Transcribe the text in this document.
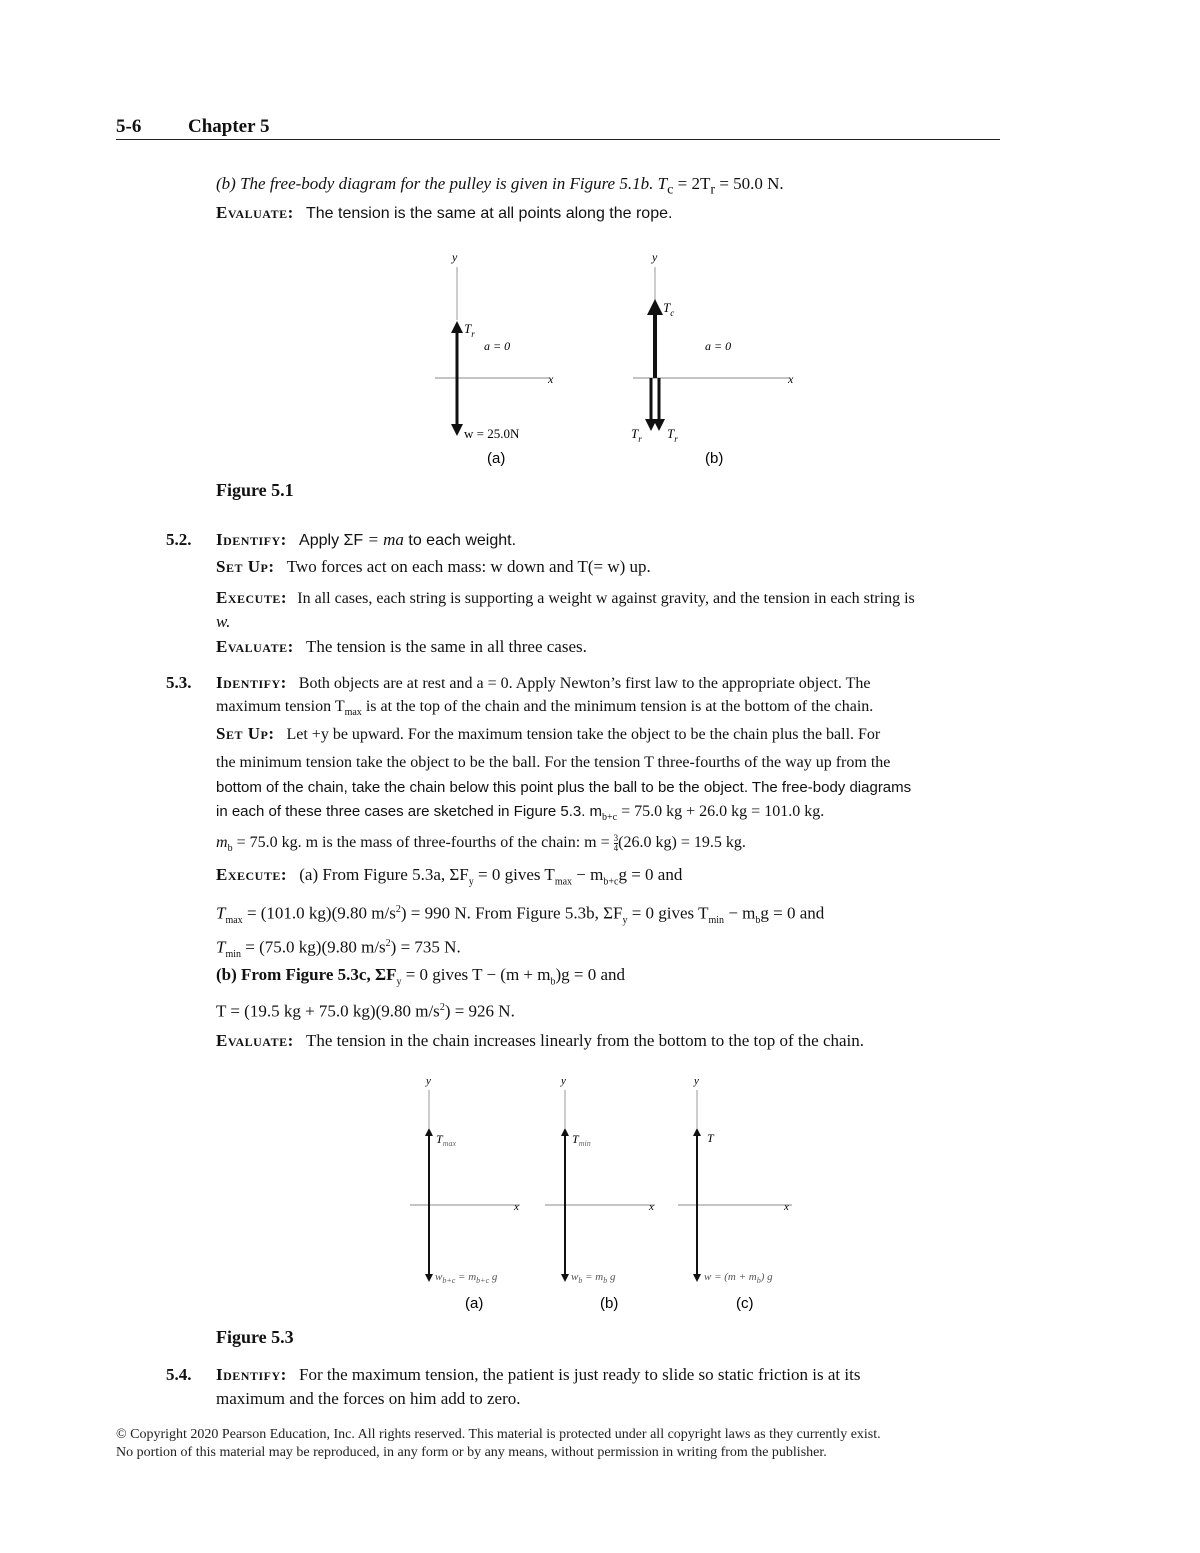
5-6 Chapter 5
(b) The free-body diagram for the pulley is given in Figure 5.1b. $T_c = 2T_r = 50.0$ N.
Evaluate: The tension is the same at all points along the rope.
y
x
$T_r$
a = 0
w = 25.0N
(a)
y
x
$T_c$
a = 0
$T_r$ $T_r$
(b)
Figure 5.1
5.2. Identify: Apply ΣF = ma to each weight.
Set Up: Two forces act on each mass: w down and T(= w) up.
Execute: In all cases, each string is supporting a weight w against gravity, and the tension in each string is
w.
Evaluate: The tension is the same in all three cases.
5.3. Identify: Both objects are at rest and a = 0. Apply Newton’s first law to the appropriate object. The
maximum tension $T_{max}$ is at the top of the chain and the minimum tension is at the bottom of the chain.
Set Up: Let +y be upward. For the maximum tension take the object to be the chain plus the ball. For
the minimum tension take the object to be the ball. For the tension T three-fourths of the way up from the
bottom of the chain, take the chain below this point plus the ball to be the object. The free-body diagrams
in each of these three cases are sketched in Figure 5.3. $m_{b+c} = 75.0$ kg + 26.0 kg = 101.0 kg.
$m_b = 75.0$ kg. m is the mass of three-fourths of the chain: $m = \frac{3}{4} (26.0$ kg) = 19.5 kg.
Execute: (a) From Figure 5.3a, $\Sigma F_y = 0$ gives $T_{max} - m_{b+c}g = 0$ and
$T_{max} = (101.0$ kg)(9.80 $m/s^2) = 990$ N. From Figure 5.3b, $\Sigma F_y = 0$ gives $T_{min} - m_bg = 0$ and
$T_{min} = (75.0$ kg)(9.80 $m/s^2) = 735$ N.
(b) From Figure 5.3c, $\Sigma F_y = 0$ gives $T - (m + m_b)g = 0$ and
T = (19.5 kg + 75.0 kg)(9.80 $m/s^2) = 926$ N.
Evaluate: The tension in the chain increases linearly from the bottom to the top of the chain.
y
x
$T_{max}$
$w_{b+c} = m_{b+c}$ g
(a)
y
x
$T_{min}$
$w_b = m_b$ g
(b)
y
x
T
$w = (m + m_b)$ g
(c)
Figure 5.3
5.4. Identify: For the maximum tension, the patient is just ready to slide so static friction is at its
maximum and the forces on him add to zero.
© Copyright 2020 Pearson Education, Inc. All rights reserved. This material is protected under all copyright laws as they currently exist.
No portion of this material may be reproduced, in any form or by any means, without permission in writing from the publisher.
